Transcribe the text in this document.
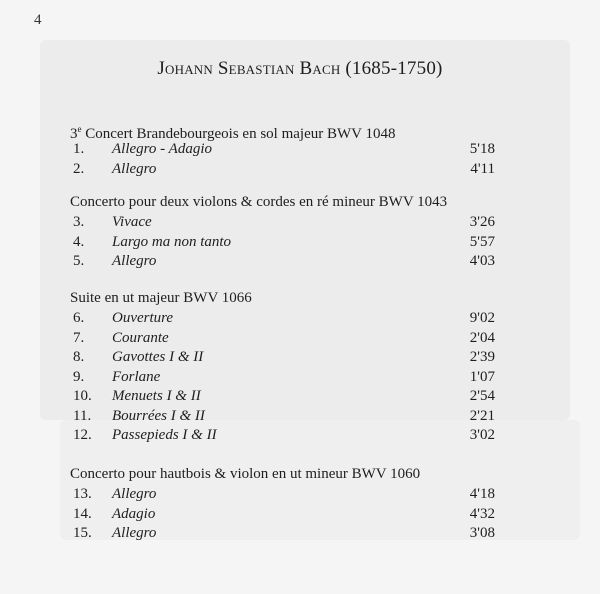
4
Johann Sebastian Bach (1685-1750)
3e Concert Brandebourgeois en sol majeur BWV 1048
1.	Allegro - Adagio	5'18
2.	Allegro	4'11
Concerto pour deux violons & cordes en ré mineur BWV 1043
3.	Vivace	3'26
4.	Largo ma non tanto	5'57
5.	Allegro	4'03
Suite en ut majeur BWV 1066
6.	Ouverture	9'02
7.	Courante	2'04
8.	Gavottes I & II	2'39
9.	Forlane	1'07
10.	Menuets I & II	2'54
11.	Bourrées I & II	2'21
12.	Passepieds I & II	3'02
Concerto pour hautbois & violon en ut mineur BWV 1060
13.	Allegro	4'18
14.	Adagio	4'32
15.	Allegro	3'08
